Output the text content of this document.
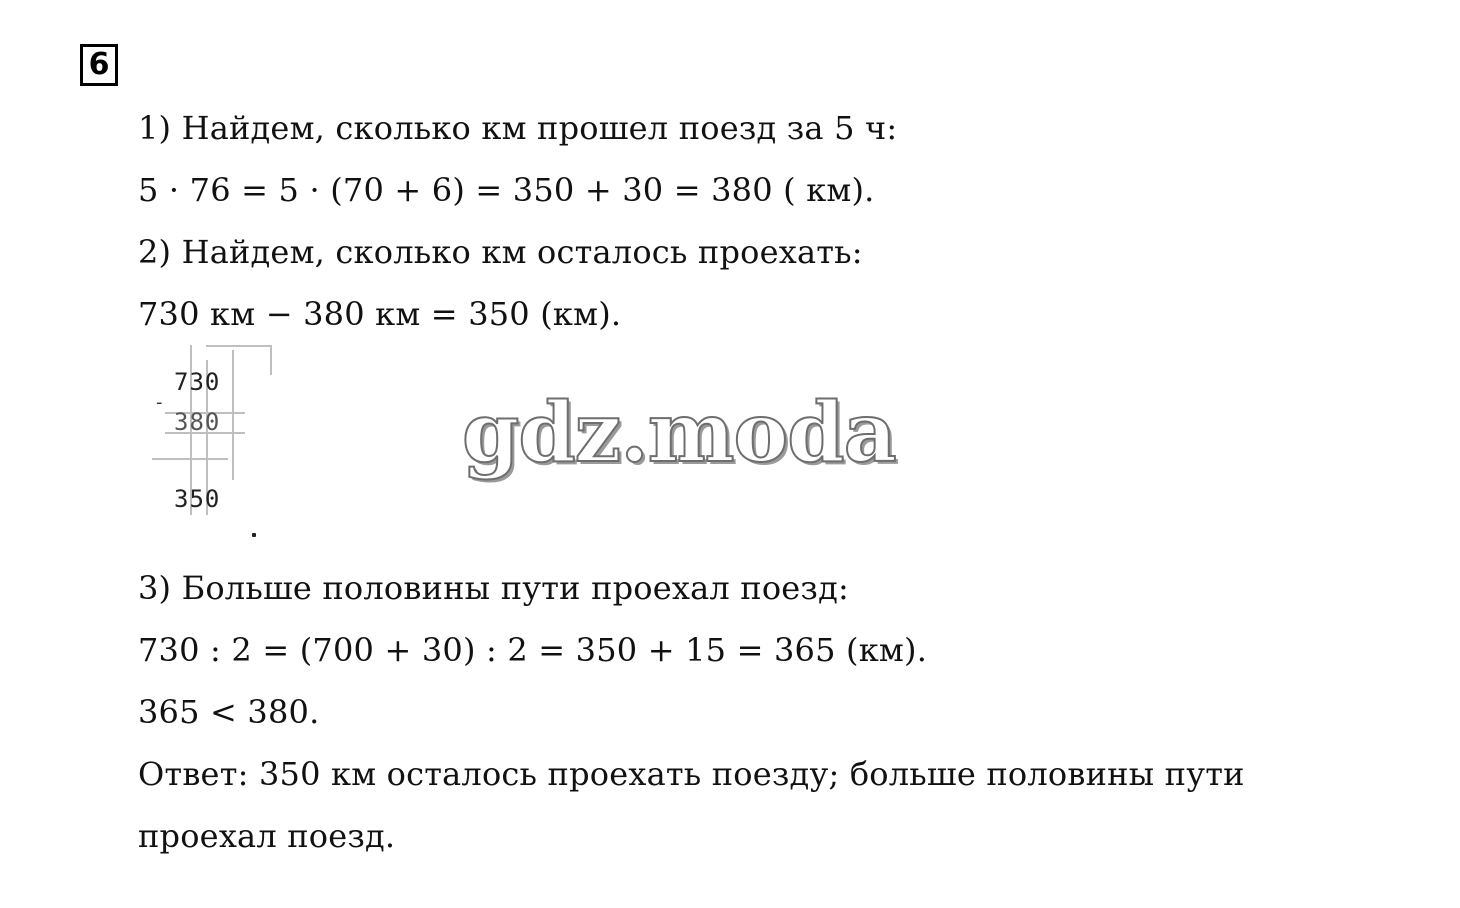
6
1) Найдем, сколько км прошел поезд за 5 ч:
5 · 76 = 5 · (70 + 6) = 350 + 30 = 380 ( км).
2) Найдем, сколько км осталось проехать:
730 км − 380 км = 350 (км).
730
-
380
350
gdz.moda
3) Больше половины пути проехал поезд:
730 : 2 = (700 + 30) : 2 = 350 + 15 = 365 (км).
365 < 380.
Ответ: 350 км осталось проехать поезду; больше половины пути
проехал поезд.
